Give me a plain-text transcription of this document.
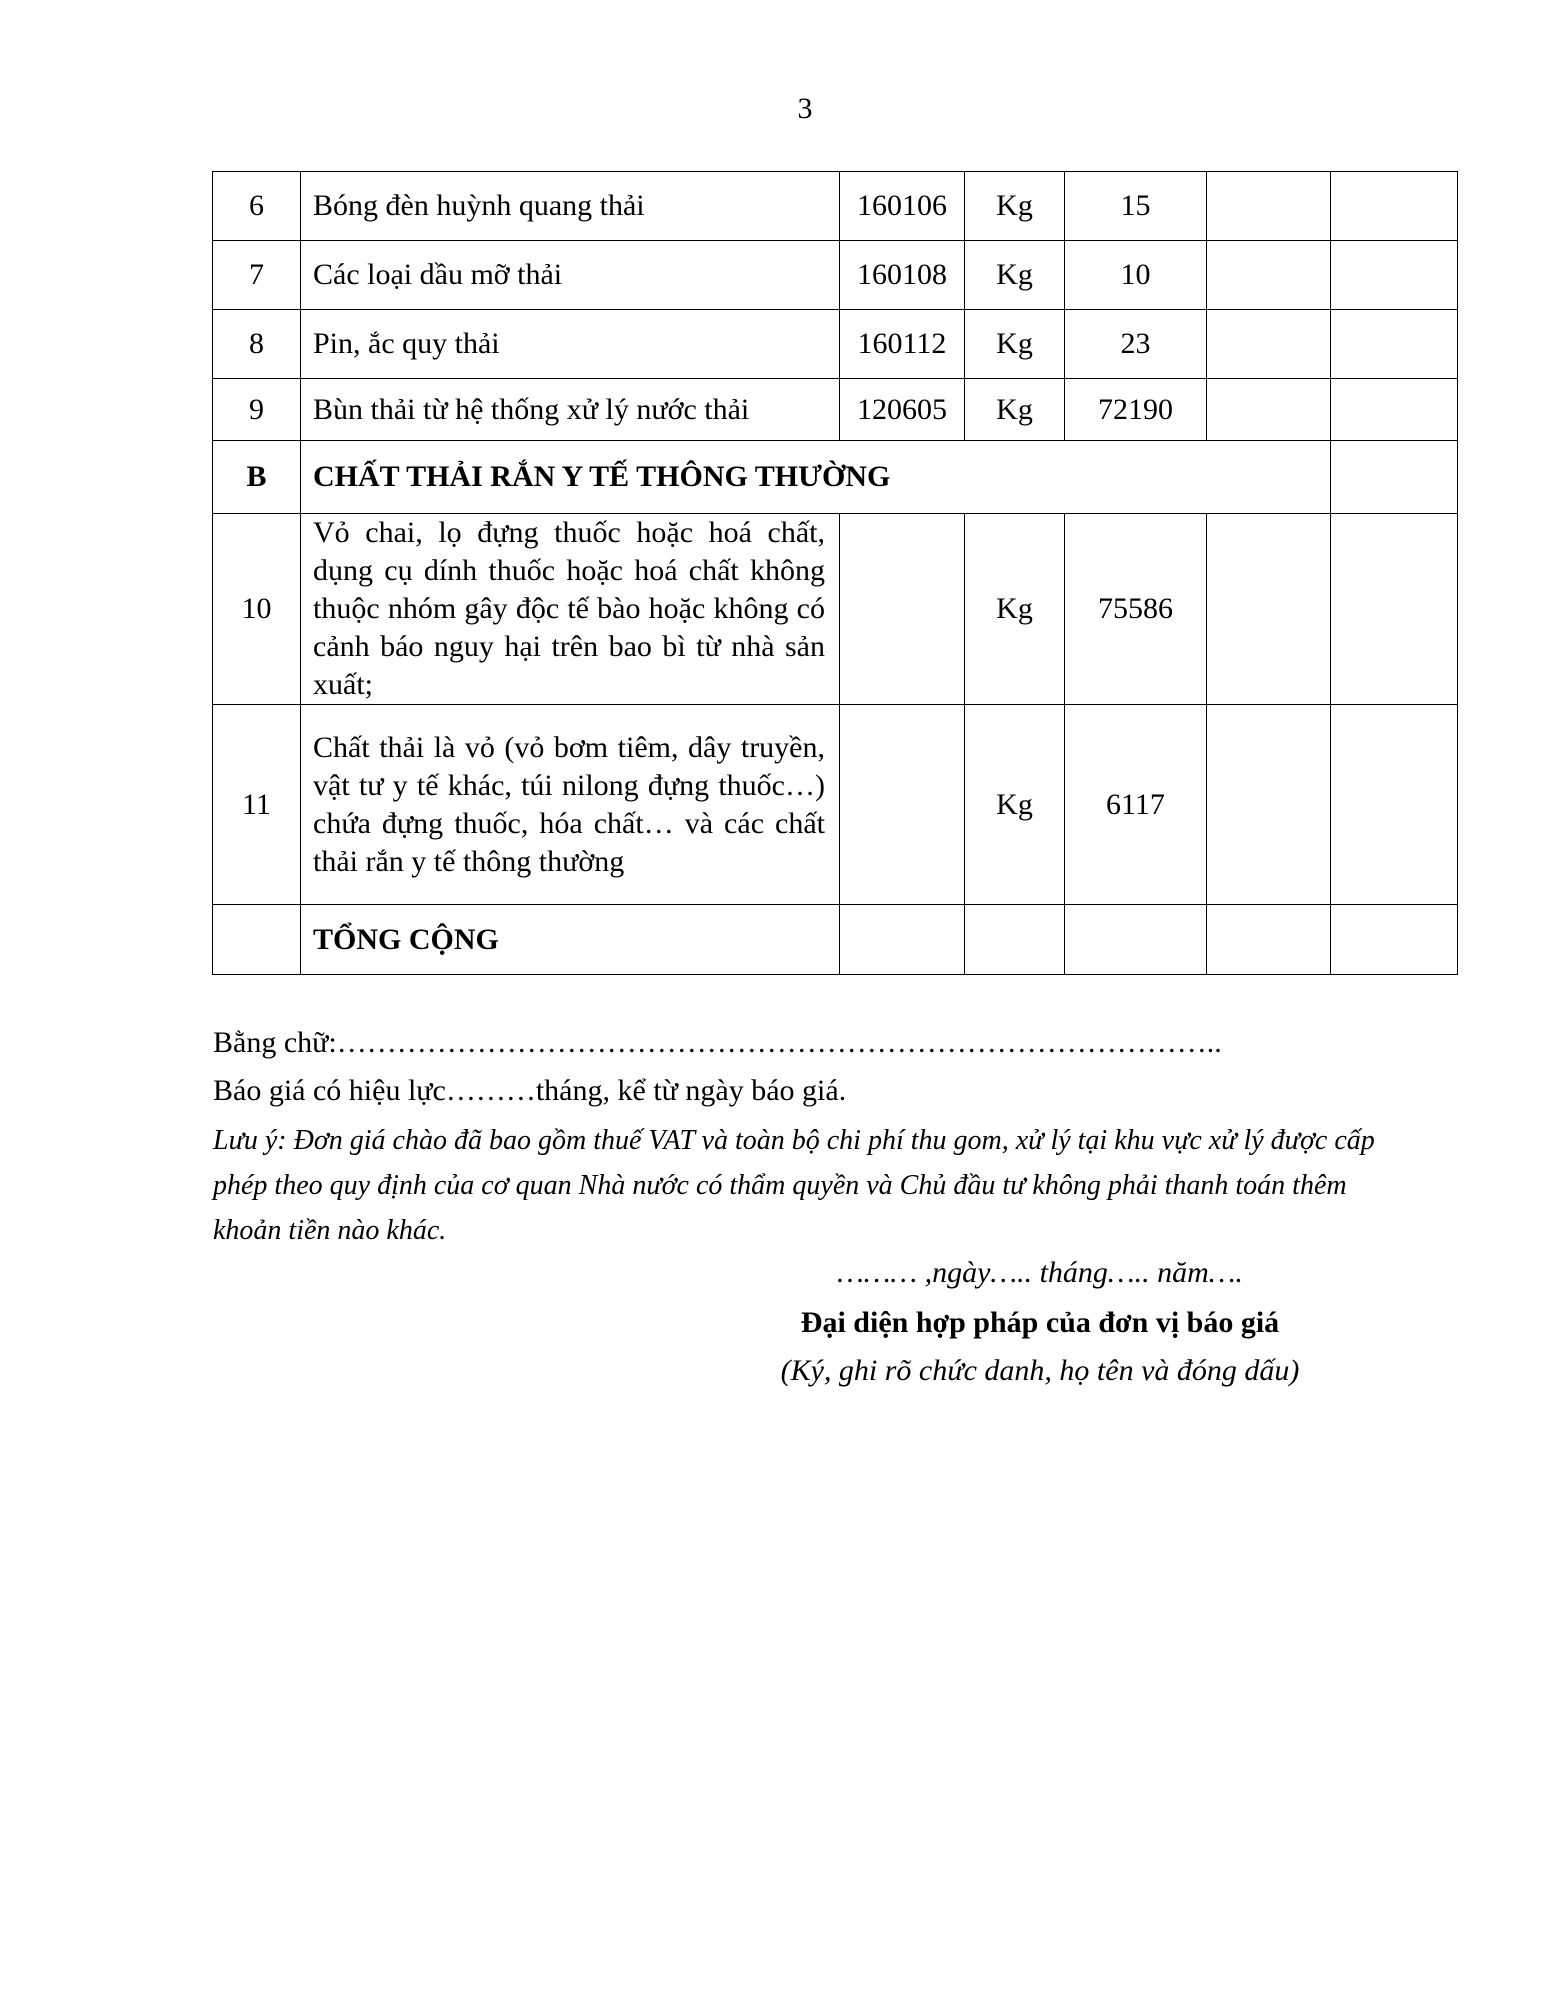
3
6	Bóng đèn huỳnh quang thải	160106	Kg	15		
7	Các loại dầu mỡ thải	160108	Kg	10		
8	Pin, ắc quy thải	160112	Kg	23		
9	Bùn thải từ hệ thống xử lý nước thải	120605	Kg	72190		
B	CHẤT THẢI RẮN Y TẾ THÔNG THƯỜNG					
10	Vỏ chai, lọ đựng thuốc hoặc hoá chất, dụng cụ dính thuốc hoặc hoá chất không thuộc nhóm gây độc tế bào hoặc không có cảnh báo nguy hại trên bao bì từ nhà sản xuất;		Kg	75586		
11	Chất thải là vỏ (vỏ bơm tiêm, dây truyền, vật tư y tế khác, túi nilong đựng thuốc…) chứa đựng thuốc, hóa chất… và các chất thải rắn y tế thông thường		Kg	6117		
	TỔNG CỘNG					
Bằng chữ:……………………………………………………………………………..
Báo giá có hiệu lực………tháng, kể từ ngày báo giá.
Lưu ý: Đơn giá chào đã bao gồm thuế VAT và toàn bộ chi phí thu gom, xử lý tại khu vực xử lý được cấp phép theo quy định của cơ quan Nhà nước có thẩm quyền và Chủ đầu tư không phải thanh toán thêm khoản tiền nào khác.
……… ,ngày….. tháng….. năm….
Đại diện hợp pháp của đơn vị báo giá
(Ký, ghi rõ chức danh, họ tên và đóng dấu)
